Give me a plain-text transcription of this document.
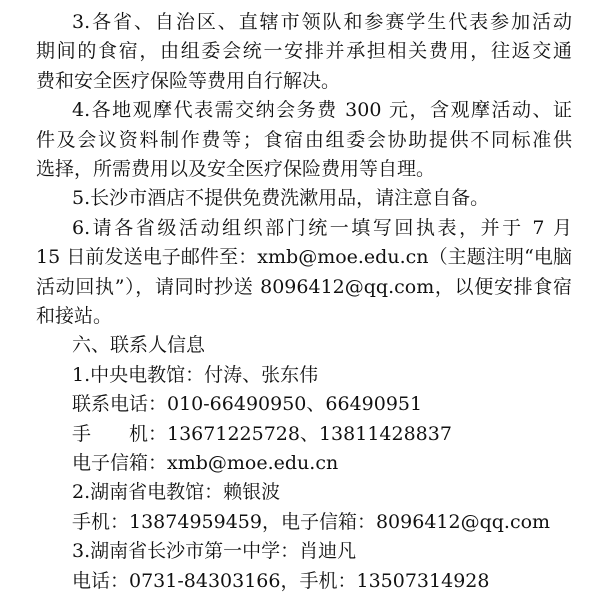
3.各省、自治区、直辖市领队和参赛学生代表参加活动
期间的食宿，由组委会统一安排并承担相关费用，往返交通
费和安全医疗保险等费用自行解决。
4.各地观摩代表需交纳会务费 300 元，含观摩活动、证
件及会议资料制作费等；食宿由组委会协助提供不同标准供
选择，所需费用以及安全医疗保险费用等自理。
5.长沙市酒店不提供免费洗漱用品，请注意自备。
6.请各省级活动组织部门统一填写回执表，并于 7 月
15 日前发送电子邮件至：xmb@moe.edu.cn（主题注明“电脑
活动回执”），请同时抄送 8096412@qq.com，以便安排食宿
和接站。
六、联系人信息
1.中央电教馆：付涛、张东伟
联系电话：010-66490950、66490951
手　　机：13671225728、13811428837
电子信箱：xmb@moe.edu.cn
2.湖南省电教馆：赖银波
手机：13874959459，电子信箱：8096412@qq.com
3.湖南省长沙市第一中学：肖迪凡
电话：0731-84303166，手机：13507314928
